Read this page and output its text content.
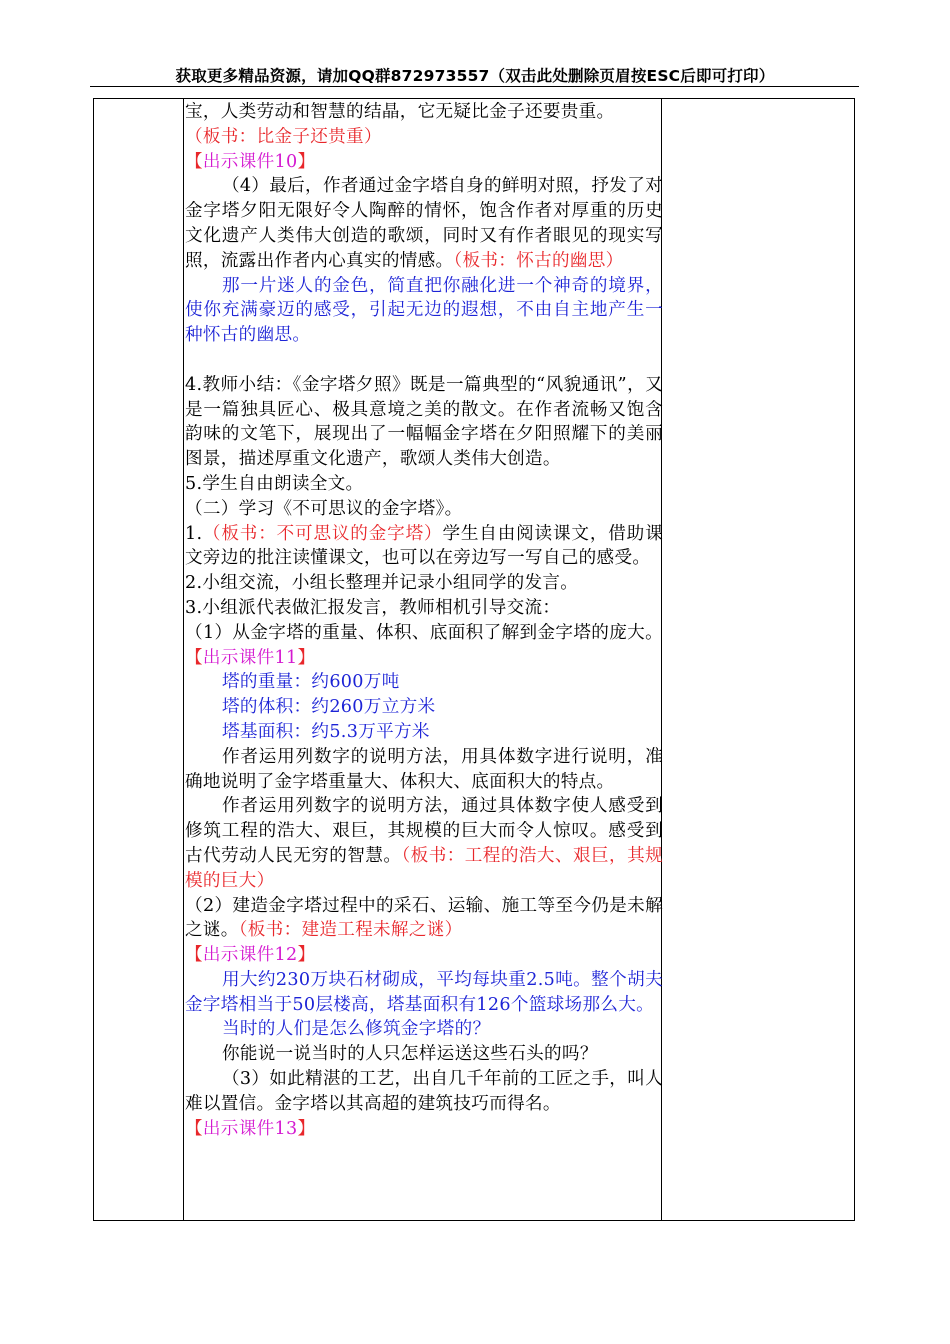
获取更多精品资源，请加QQ群872973557（双击此处删除页眉按ESC后即可打印）

宝，人类劳动和智慧的结晶，它无疑比金子还要贵重。

（板书：比金子还贵重）

【出示课件10】

（4）最后，作者通过金字塔自身的鲜明对照，抒发了对金字塔夕阳无限好令人陶醉的情怀，饱含作者对厚重的历史文化遗产人类伟大创造的歌颂，同时又有作者眼见的现实写照，流露出作者内心真实的情感。（板书：怀古的幽思）

那一片迷人的金色，简直把你融化进一个神奇的境界，使你充满豪迈的感受，引起无边的遐想，不由自主地产生一种怀古的幽思。

4.教师小结：《金字塔夕照》既是一篇典型的“风貌通讯”，又是一篇独具匠心、极具意境之美的散文。在作者流畅又饱含韵味的文笔下，展现出了一幅幅金字塔在夕阳照耀下的美丽图景，描述厚重文化遗产，歌颂人类伟大创造。

5.学生自由朗读全文。

（二）学习《不可思议的金字塔》。

1.（板书：不可思议的金字塔）学生自由阅读课文，借助课文旁边的批注读懂课文，也可以在旁边写一写自己的感受。

2.小组交流，小组长整理并记录小组同学的发言。

3.小组派代表做汇报发言，教师相机引导交流：

（1）从金字塔的重量、体积、底面积了解到金字塔的庞大。【出示课件11】

塔的重量：约600万吨

塔的体积：约260万立方米

塔基面积：约5.3万平方米

作者运用列数字的说明方法，用具体数字进行说明，准确地说明了金字塔重量大、体积大、底面积大的特点。

作者运用列数字的说明方法，通过具体数字使人感受到修筑工程的浩大、艰巨，其规模的巨大而令人惊叹。感受到古代劳动人民无穷的智慧。（板书：工程的浩大、艰巨，其规模的巨大）

（2）建造金字塔过程中的采石、运输、施工等至今仍是未解之谜。（板书：建造工程未解之谜）

【出示课件12】

用大约230万块石材砌成，平均每块重2.5吨。整个胡夫金字塔相当于50层楼高，塔基面积有126个篮球场那么大。

当时的人们是怎么修筑金字塔的？

你能说一说当时的人只怎样运送这些石头的吗？

（3）如此精湛的工艺，出自几千年前的工匠之手，叫人难以置信。金字塔以其高超的建筑技巧而得名。

【出示课件13】
